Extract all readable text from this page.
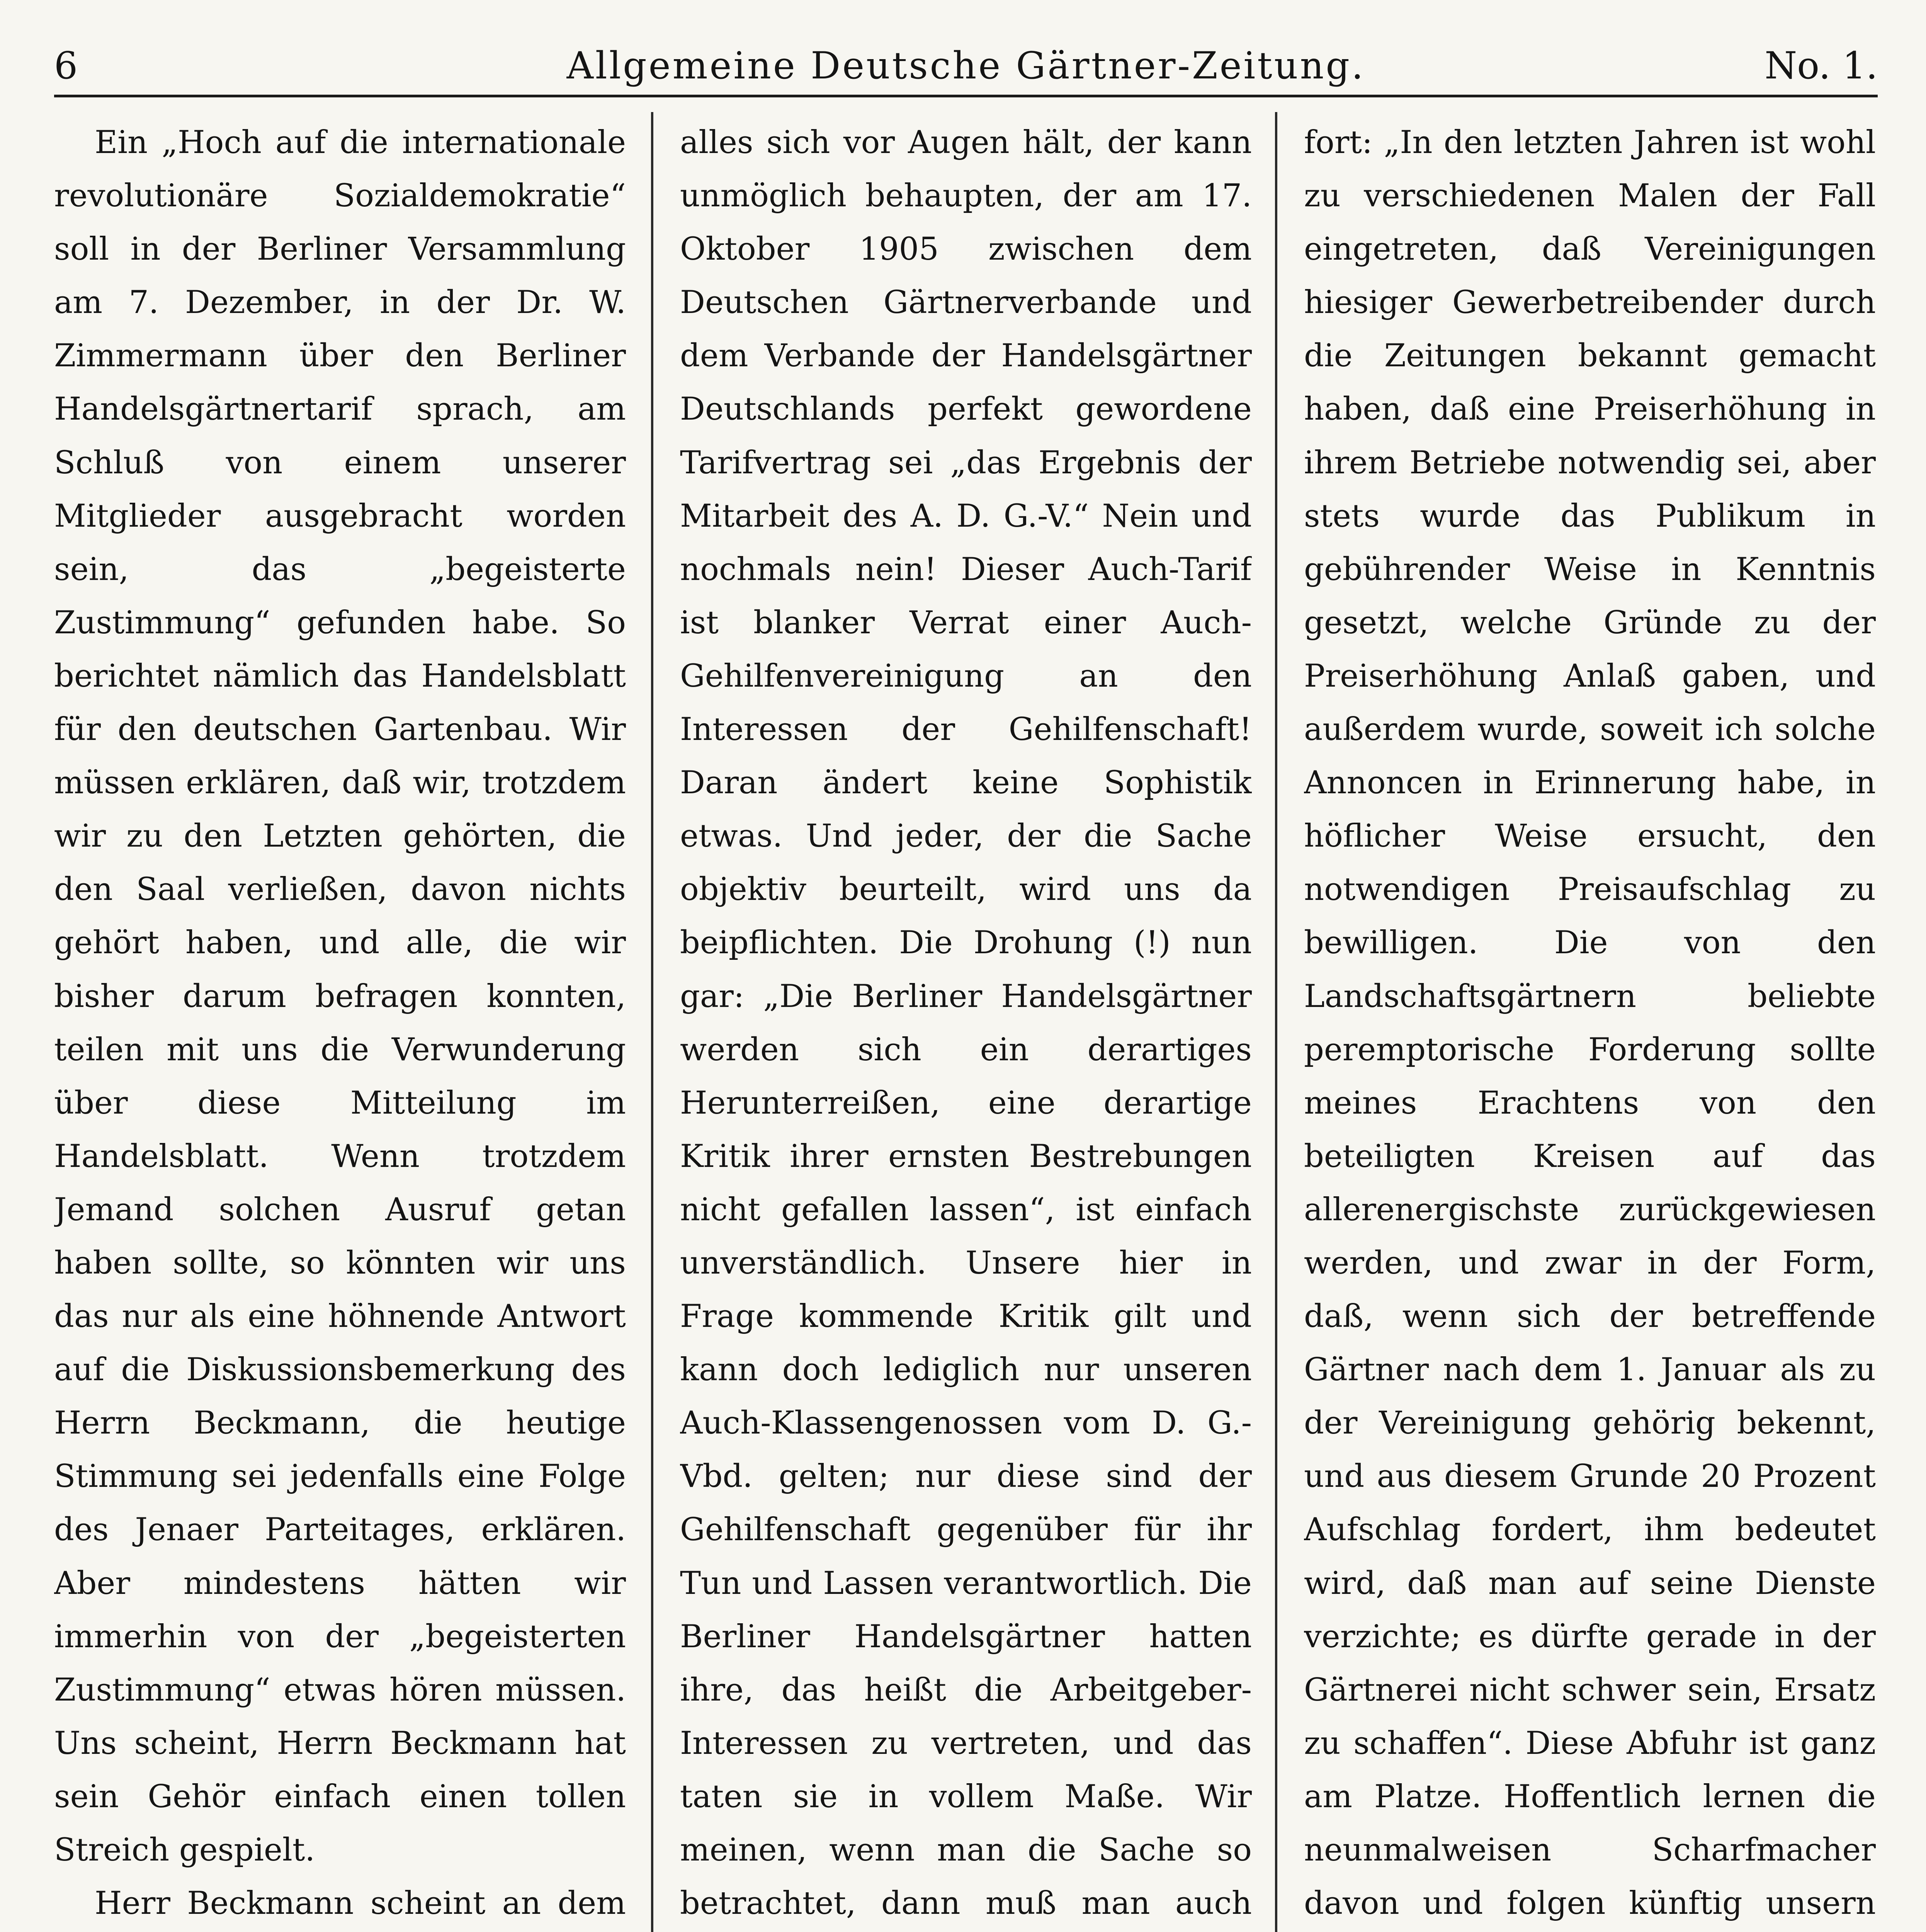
6	Allgemeine Deutsche Gärtner-Zeitung.	No. 1.

Ein „Hoch auf die internationale revolutionäre Sozialdemokratie“ soll in der Berliner Versammlung am 7. Dezember, in der Dr. W. Zimmermann über den Berliner Handelsgärtnertarif sprach, am Schluß von einem unserer Mitglieder ausgebracht worden sein, das „begeisterte Zustimmung“ gefunden habe. So berichtet nämlich das Handelsblatt für den deutschen Gartenbau. Wir müssen erklären, daß wir, trotzdem wir zu den Letzten gehörten, die den Saal verließen, davon nichts gehört haben, und alle, die wir bisher darum befragen konnten, teilen mit uns die Verwunderung über diese Mitteilung im Handelsblatt. Wenn trotzdem Jemand solchen Ausruf getan haben sollte, so könnten wir uns das nur als eine höhnende Antwort auf die Diskussionsbemerkung des Herrn Beckmann, die heutige Stimmung sei jedenfalls eine Folge des Jenaer Parteitages, erklären. Aber mindestens hätten wir immerhin von der „begeisterten Zustimmung“ etwas hören müssen. Uns scheint, Herrn Beckmann hat sein Gehör einfach einen tollen Streich gespielt.

Herr Beckmann scheint an dem

alles sich vor Augen hält, der kann unmöglich behaupten, der am 17. Oktober 1905 zwischen dem Deutschen Gärtnerverbande und dem Verbande der Handelsgärtner Deutschlands perfekt gewordene Tarifvertrag sei „das Ergebnis der Mitarbeit des A. D. G.-V.“ Nein und nochmals nein! Dieser Auch-Tarif ist blanker Verrat einer Auch-Gehilfenvereinigung an den Interessen der Gehilfenschaft! Daran ändert keine Sophistik etwas. Und jeder, der die Sache objektiv beurteilt, wird uns da beipflichten. Die Drohung (!) nun gar: „Die Berliner Handelsgärtner werden sich ein derartiges Herunterreißen, eine derartige Kritik ihrer ernsten Bestrebungen nicht gefallen lassen“, ist einfach unverständlich. Unsere hier in Frage kommende Kritik gilt und kann doch lediglich nur unseren Auch-Klassengenossen vom D. G.-Vbd. gelten; nur diese sind der Gehilfenschaft gegenüber für ihr Tun und Lassen verantwortlich. Die Berliner Handelsgärtner hatten ihre, das heißt die Arbeitgeber-Interessen zu vertreten, und das taten sie in vollem Maße. Wir meinen, wenn man die Sache so betrachtet, dann muß man auch

fort: „In den letzten Jahren ist wohl zu verschiedenen Malen der Fall eingetreten, daß Vereinigungen hiesiger Gewerbetreibender durch die Zeitungen bekannt gemacht haben, daß eine Preiserhöhung in ihrem Betriebe notwendig sei, aber stets wurde das Publikum in gebührender Weise in Kenntnis gesetzt, welche Gründe zu der Preiserhöhung Anlaß gaben, und außerdem wurde, soweit ich solche Annoncen in Erinnerung habe, in höflicher Weise ersucht, den notwendigen Preisaufschlag zu bewilligen. Die von den Landschaftsgärtnern beliebte peremptorische Forderung sollte meines Erachtens von den beteiligten Kreisen auf das allerenergischste zurückgewiesen werden, und zwar in der Form, daß, wenn sich der betreffende Gärtner nach dem 1. Januar als zu der Vereinigung gehörig bekennt, und aus diesem Grunde 20 Prozent Aufschlag fordert, ihm bedeutet wird, daß man auf seine Dienste verzichte; es dürfte gerade in der Gärtnerei nicht schwer sein, Ersatz zu schaffen“. Diese Abfuhr ist ganz am Platze. Hoffentlich lernen die neunmalweisen Scharfmacher davon und folgen künftig unsern
